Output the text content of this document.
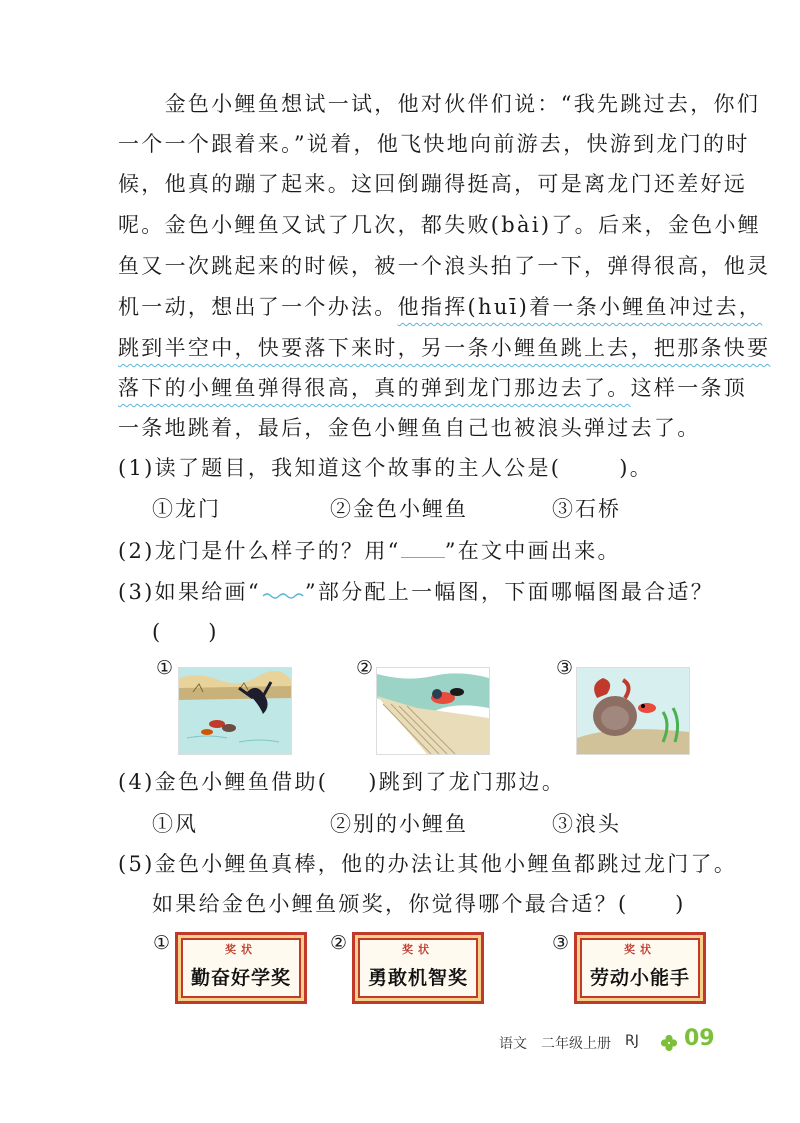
　　金色小鲤鱼想试一试，他对伙伴们说：“我先跳过去，你们
一个一个跟着来。”说着，他飞快地向前游去，快游到龙门的时
候，他真的蹦了起来。这回倒蹦得挺高，可是离龙门还差好远
呢。金色小鲤鱼又试了几次，都失败(bài)了。后来，金色小鲤
鱼又一次跳起来的时候，被一个浪头拍了一下，弹得很高，他灵
机一动，想出了一个办法。他指挥(huī)着一条小鲤鱼冲过去，
跳到半空中，快要落下来时，另一条小鲤鱼跳上去，把那条快要
落下的小鲤鱼弹得很高，真的弹到龙门那边去了。这样一条顶
一条地跳着，最后，金色小鲤鱼自己也被浪头弹过去了。
(1)读了题目，我知道这个故事的主人公是(	)。
①龙门	②金色小鲤鱼	③石桥
(2)龙门是什么样子的？用“ ”在文中画出来。
(3)如果给画“ ”部分配上一幅图，下面哪幅图最合适？
(　　)
①	②	③
(4)金色小鲤鱼借助( )跳到了龙门那边。
①风	②别的小鲤鱼	③浪头
(5)金色小鲤鱼真棒，他的办法让其他小鲤鱼都跳过龙门了。
如果给金色小鲤鱼颁奖，你觉得哪个最合适？(　　)
①	②	③
奖状
勤奋好学奖
奖状
勇敢机智奖
奖状
劳动小能手
语文 二年级上册 RJ 09
